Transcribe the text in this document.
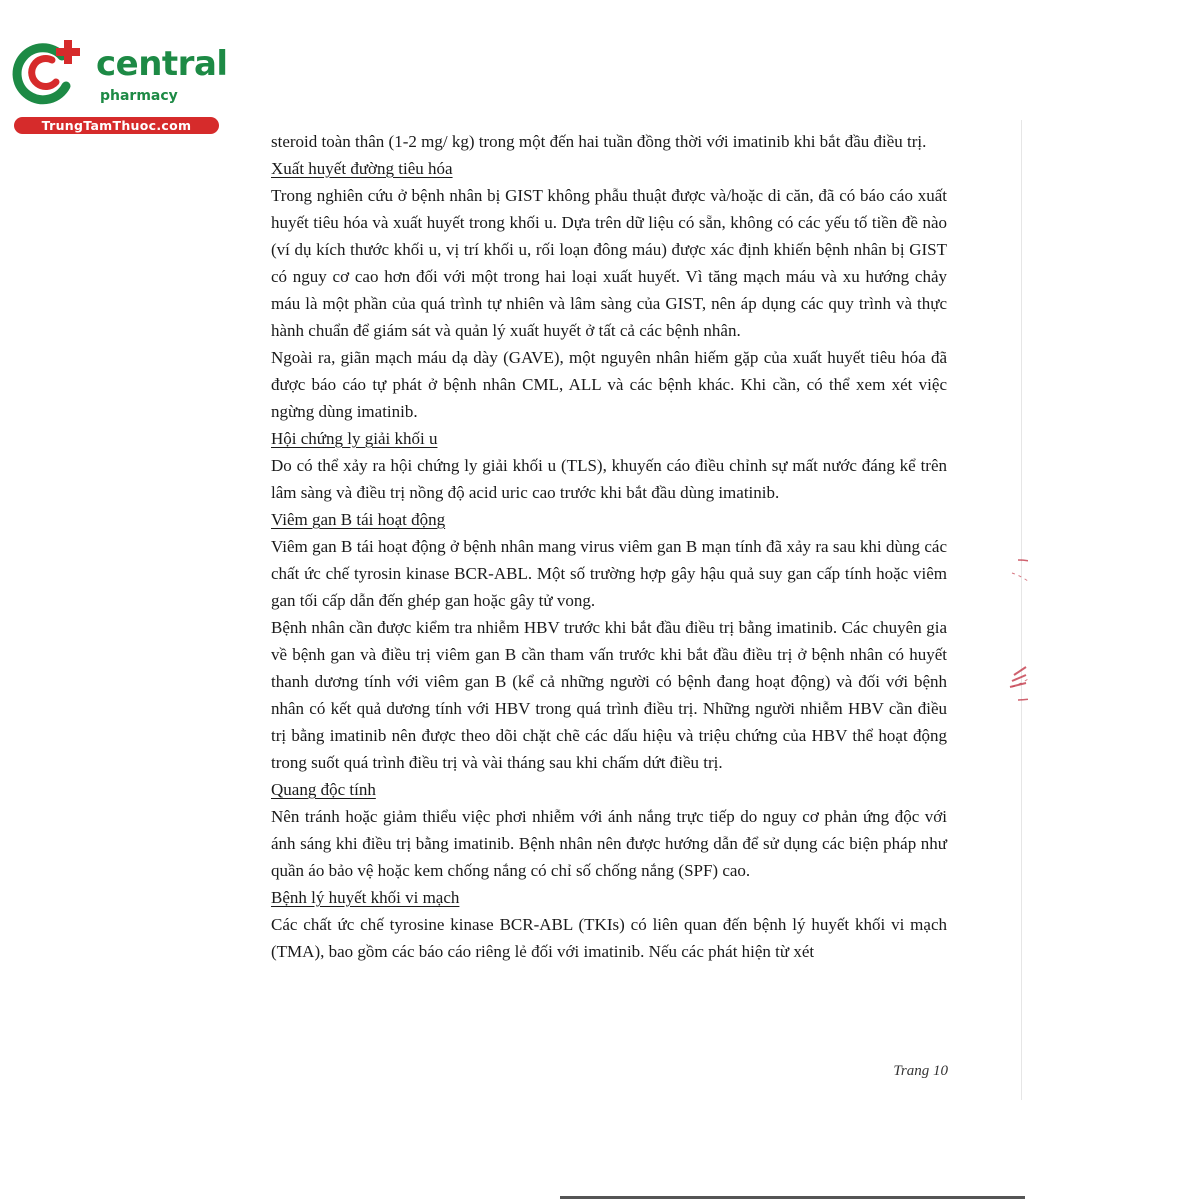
central
pharmacy
TrungTamThuoc.com

steroid toàn thân (1-2 mg/ kg) trong một đến hai tuần đồng thời với imatinib khi bắt đầu điều trị.

Xuất huyết đường tiêu hóa

Trong nghiên cứu ở bệnh nhân bị GIST không phẫu thuật được và/hoặc di căn, đã có báo cáo xuất huyết tiêu hóa và xuất huyết trong khối u. Dựa trên dữ liệu có sẵn, không có các yếu tố tiền đề nào (ví dụ kích thước khối u, vị trí khối u, rối loạn đông máu) được xác định khiến bệnh nhân bị GIST có nguy cơ cao hơn đối với một trong hai loại xuất huyết. Vì tăng mạch máu và xu hướng chảy máu là một phần của quá trình tự nhiên và lâm sàng của GIST, nên áp dụng các quy trình và thực hành chuẩn để giám sát và quản lý xuất huyết ở tất cả các bệnh nhân.

Ngoài ra, giãn mạch máu dạ dày (GAVE), một nguyên nhân hiếm gặp của xuất huyết tiêu hóa đã được báo cáo tự phát ở bệnh nhân CML, ALL và các bệnh khác. Khi cần, có thể xem xét việc ngừng dùng imatinib.

Hội chứng ly giải khối u

Do có thể xảy ra hội chứng ly giải khối u (TLS), khuyến cáo điều chỉnh sự mất nước đáng kể trên lâm sàng và điều trị nồng độ acid uric cao trước khi bắt đầu dùng imatinib.

Viêm gan B tái hoạt động

Viêm gan B tái hoạt động ở bệnh nhân mang virus viêm gan B mạn tính đã xảy ra sau khi dùng các chất ức chế tyrosin kinase BCR-ABL. Một số trường hợp gây hậu quả suy gan cấp tính hoặc viêm gan tối cấp dẫn đến ghép gan hoặc gây tử vong.

Bệnh nhân cần được kiểm tra nhiễm HBV trước khi bắt đầu điều trị bằng imatinib. Các chuyên gia về bệnh gan và điều trị viêm gan B cần tham vấn trước khi bắt đầu điều trị ở bệnh nhân có huyết thanh dương tính với viêm gan B (kể cả những người có bệnh đang hoạt động) và đối với bệnh nhân có kết quả dương tính với HBV trong quá trình điều trị. Những người nhiễm HBV cần điều trị bằng imatinib nên được theo dõi chặt chẽ các dấu hiệu và triệu chứng của HBV thể hoạt động trong suốt quá trình điều trị và vài tháng sau khi chấm dứt điều trị.

Quang độc tính

Nên tránh hoặc giảm thiểu việc phơi nhiễm với ánh nắng trực tiếp do nguy cơ phản ứng độc với ánh sáng khi điều trị bằng imatinib. Bệnh nhân nên được hướng dẫn để sử dụng các biện pháp như quần áo bảo vệ hoặc kem chống nắng có chỉ số chống nắng (SPF) cao.

Bệnh lý huyết khối vi mạch

Các chất ức chế tyrosine kinase BCR-ABL (TKIs) có liên quan đến bệnh lý huyết khối vi mạch (TMA), bao gồm các báo cáo riêng lẻ đối với imatinib. Nếu các phát hiện từ xét

Trang 10
